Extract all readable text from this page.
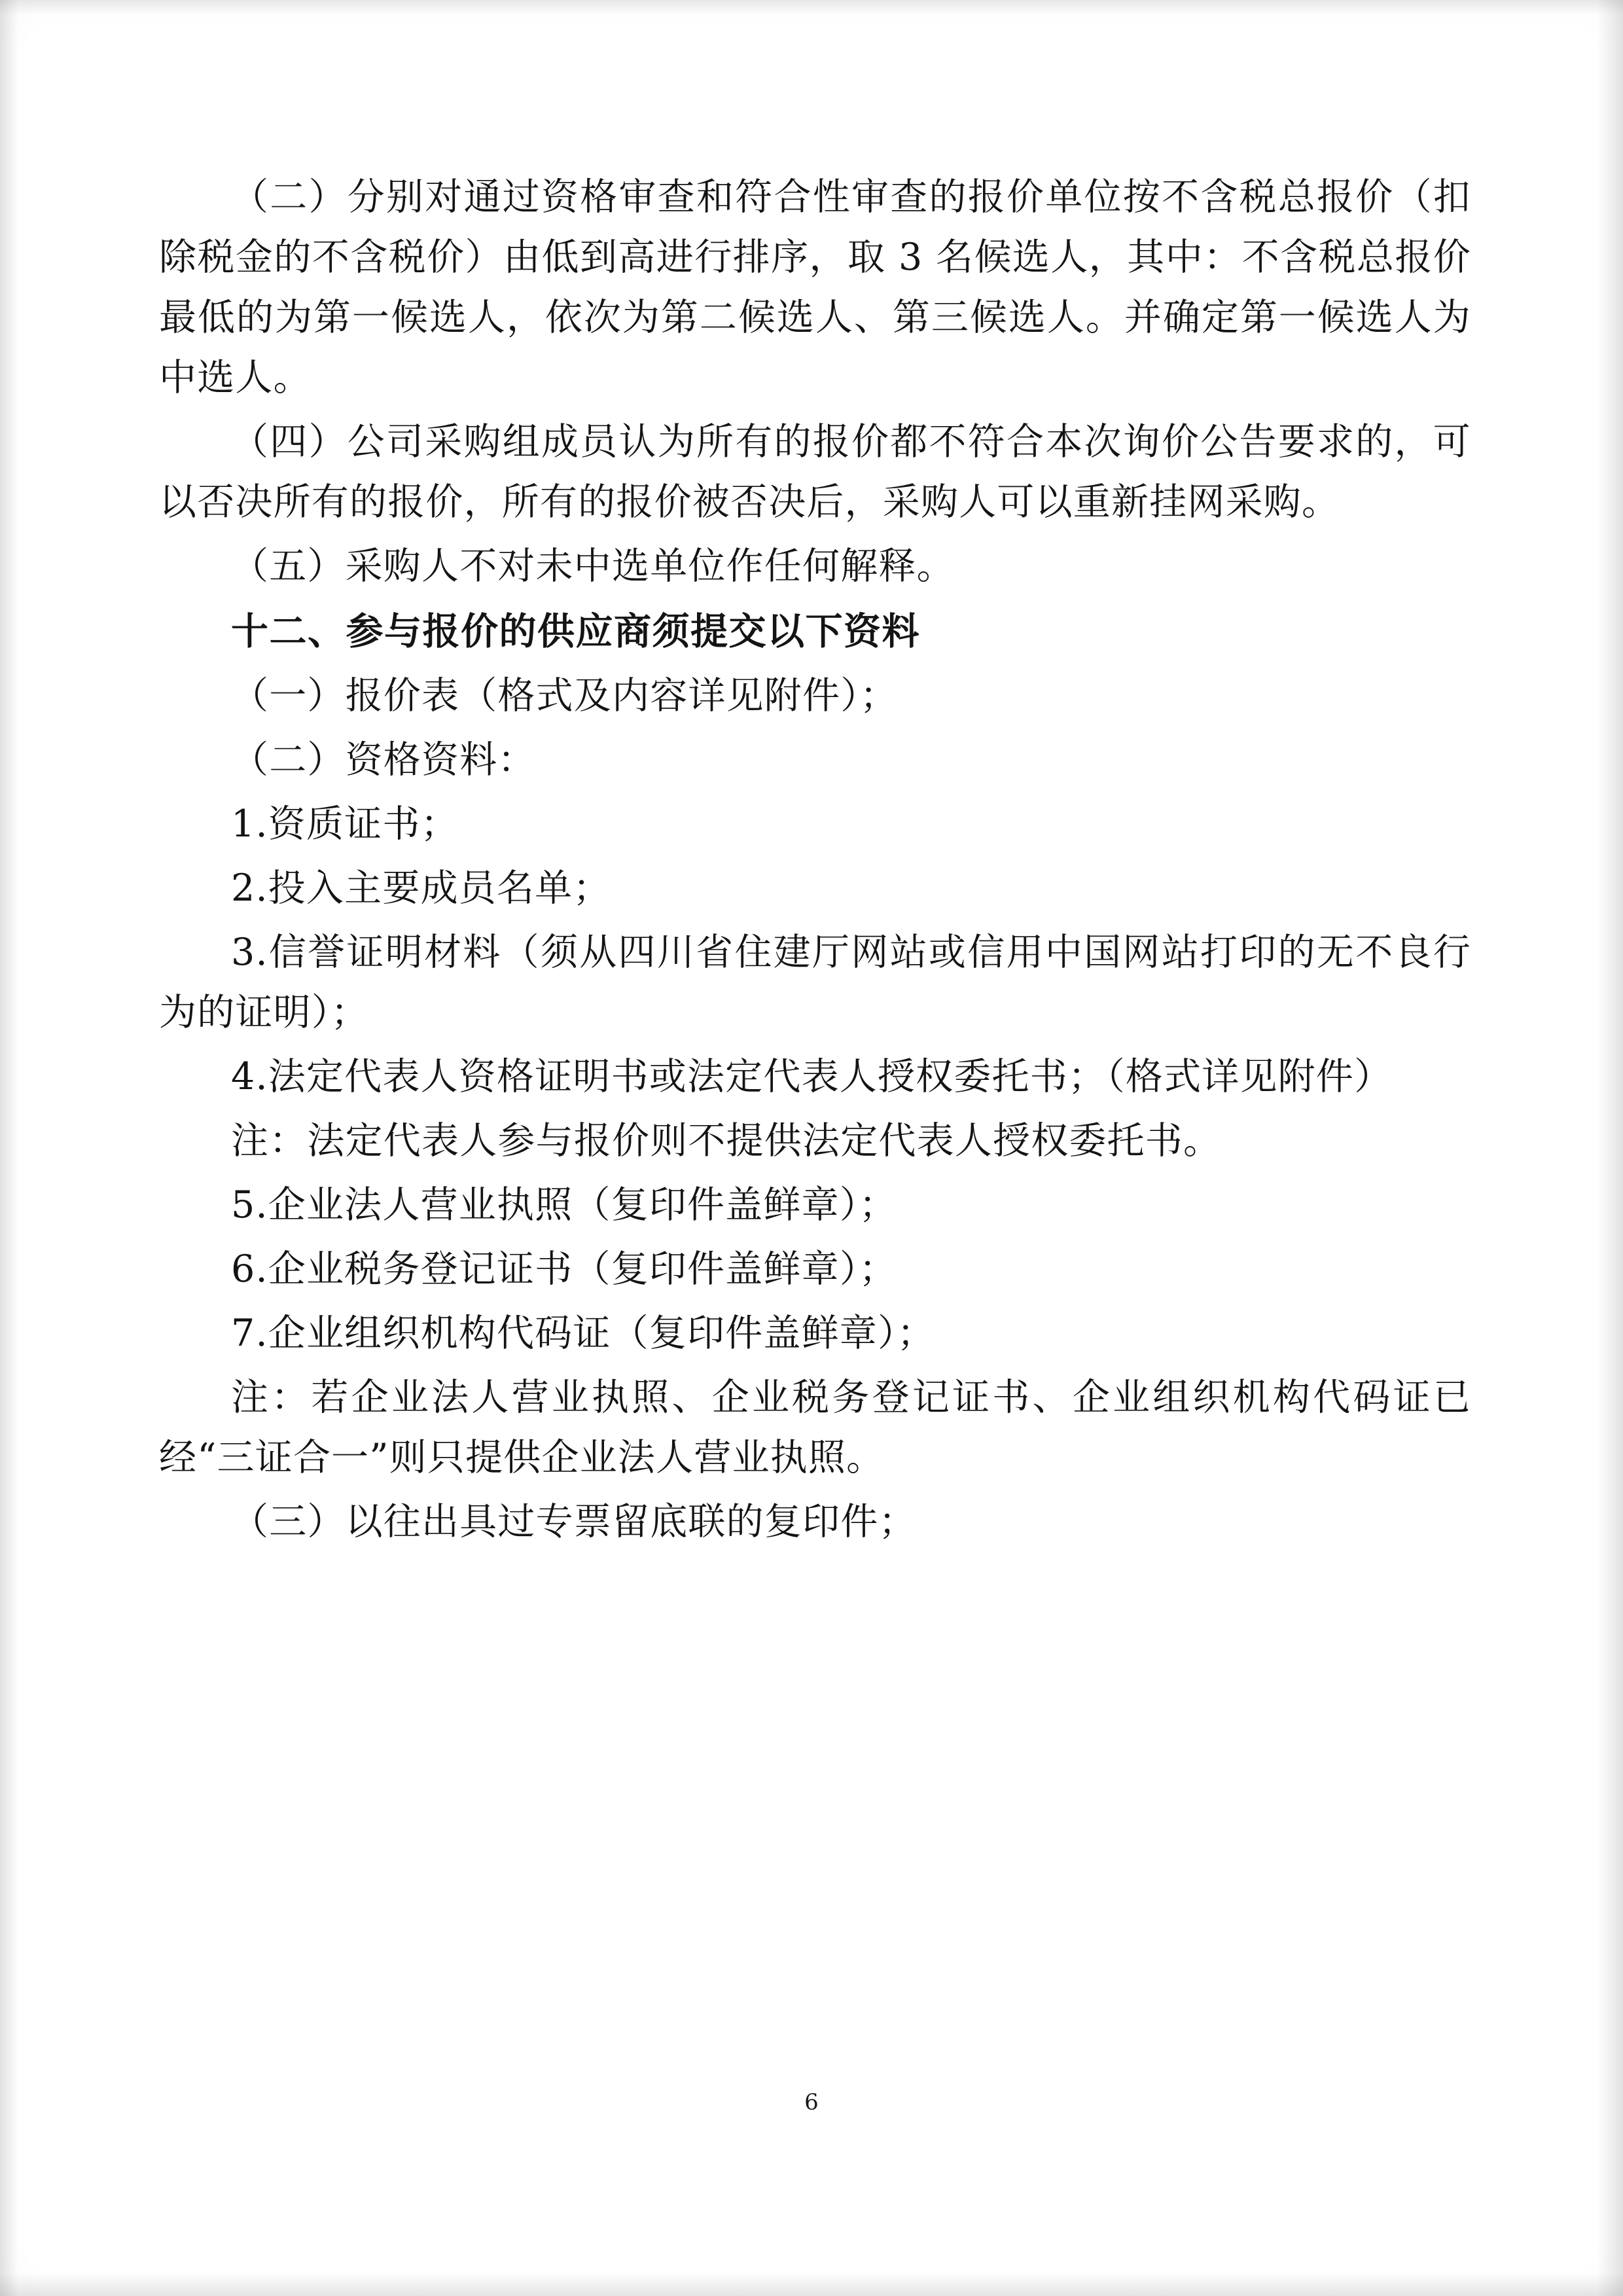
（二）分别对通过资格审查和符合性审查的报价单位按不含税总报价（扣除税金的不含税价）由低到高进行排序，取 3 名候选人，其中：不含税总报价最低的为第一候选人，依次为第二候选人、第三候选人。并确定第一候选人为中选人。

（四）公司采购组成员认为所有的报价都不符合本次询价公告要求的，可以否决所有的报价，所有的报价被否决后，采购人可以重新挂网采购。

（五）采购人不对未中选单位作任何解释。

十二、参与报价的供应商须提交以下资料

（一）报价表（格式及内容详见附件）；

（二）资格资料：

1.资质证书；

2.投入主要成员名单；

3.信誉证明材料（须从四川省住建厅网站或信用中国网站打印的无不良行为的证明）；

4.法定代表人资格证明书或法定代表人授权委托书；（格式详见附件）

注：法定代表人参与报价则不提供法定代表人授权委托书。

5.企业法人营业执照（复印件盖鲜章）；

6.企业税务登记证书（复印件盖鲜章）；

7.企业组织机构代码证（复印件盖鲜章）；

注：若企业法人营业执照、企业税务登记证书、企业组织机构代码证已经“三证合一”则只提供企业法人营业执照。

（三）以往出具过专票留底联的复印件；

6
